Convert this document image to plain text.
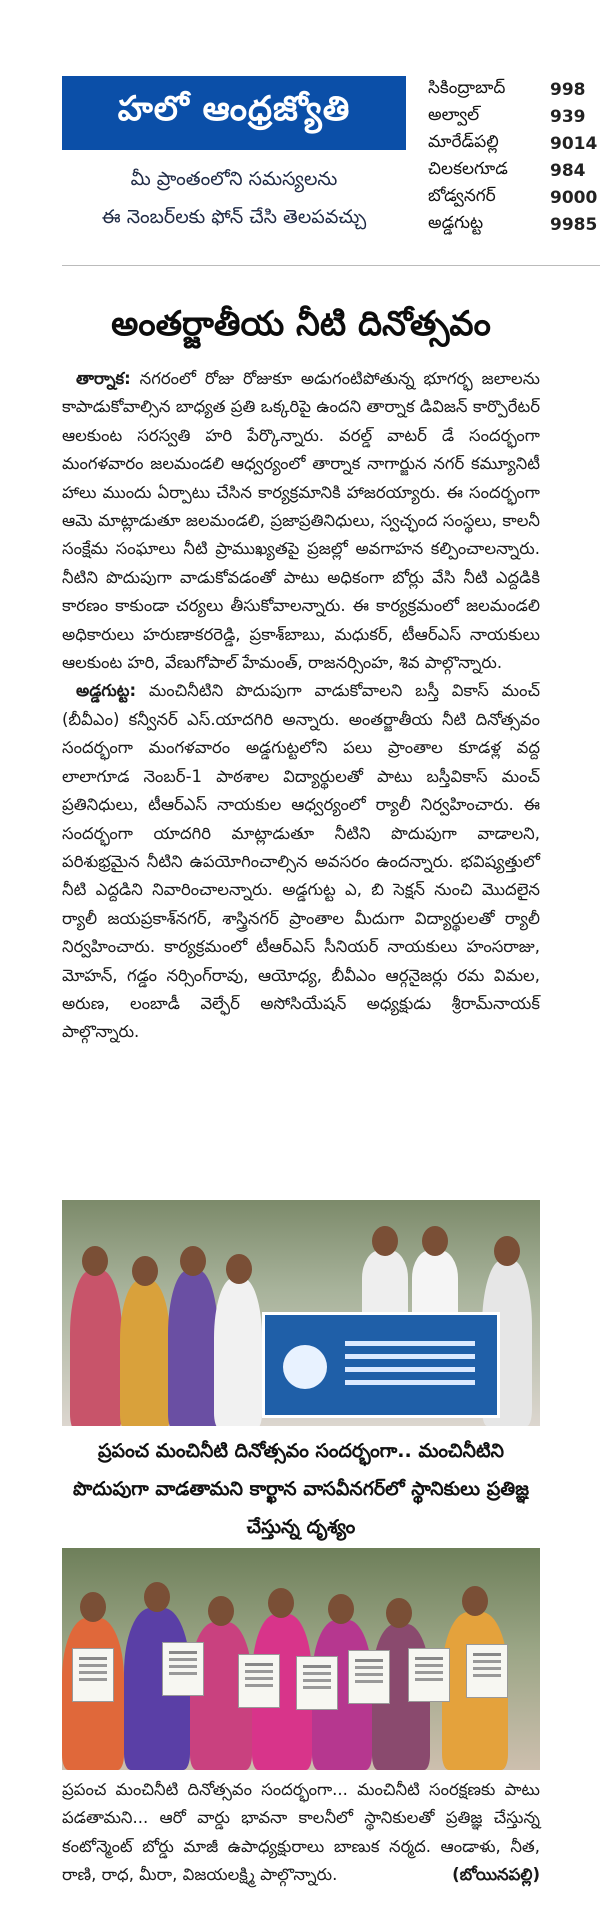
హలో ఆంధ్రజ్యోతి
మీ ప్రాంతంలోని సమస్యలను
ఈ నెంబర్‌లకు ఫోన్ చేసి తెలపవచ్చు
సికింద్రాబాద్	998
అల్వాల్	939
మారేడ్‌పల్లి	9014
చిలకలగూడ	984
బోడ్వనగర్	9000
అడ్డగుట్ట	9985
అంతర్జాతీయ నీటి దినోత్సవం

తార్నాక: నగరంలో రోజు రోజుకూ అడుగంటిపోతున్న భూగర్భ జలాలను కాపాడుకోవాల్సిన బాధ్యత ప్రతి ఒక్కరిపై ఉందని తార్నాక డివిజన్ కార్పొరేటర్ ఆలకుంట సరస్వతి హరి పేర్కొన్నారు. వరల్డ్ వాటర్ డే సందర్భంగా మంగళవారం జలమండలి ఆధ్వర్యంలో తార్నాక నాగార్జున నగర్ కమ్యూనిటీ హాలు ముందు ఏర్పాటు చేసిన కార్యక్రమానికి హాజరయ్యారు. ఈ సందర్భంగా ఆమె మాట్లాడుతూ జలమండలి, ప్రజాప్రతినిధులు, స్వచ్ఛంద సంస్థలు, కాలనీ సంక్షేమ సంఘాలు నీటి ప్రాముఖ్యతపై ప్రజల్లో అవగాహన కల్పించాలన్నారు. నీటిని పొదుపుగా వాడుకోవడంతో పాటు అధికంగా బోర్లు వేసి నీటి ఎద్దడికి కారణం కాకుండా చర్యలు తీసుకోవాలన్నారు. ఈ కార్యక్రమంలో జలమండలి అధికారులు హరుణాకరరెడ్డి, ప్రకాశ్‌బాబు, మధుకర్, టీఆర్ఎస్ నాయకులు ఆలకుంట హరి, వేణుగోపాల్ హేమంత్, రాజనర్సింహ, శివ పాల్గొన్నారు.

అడ్డగుట్ట: మంచినీటిని పొదుపుగా వాడుకోవాలని బస్తీ వికాస్ మంచ్ (బీవీఎం) కన్వీనర్ ఎస్.యాదగిరి అన్నారు. అంతర్జాతీయ నీటి దినోత్సవం సందర్భంగా మంగళవారం అడ్డగుట్టలోని పలు ప్రాంతాల కూడళ్ల వద్ద లాలాగూడ నెంబర్-1 పాఠశాల విద్యార్థులతో పాటు బస్తీవికాస్ మంచ్ ప్రతినిధులు, టీఆర్ఎస్ నాయకుల ఆధ్వర్యంలో ర్యాలీ నిర్వహించారు. ఈ సందర్భంగా యాదగిరి మాట్లాడుతూ నీటిని పొదుపుగా వాడాలని, పరిశుభ్రమైన నీటిని ఉపయోగించాల్సిన అవసరం ఉందన్నారు. భవిష్యత్తులో నీటి ఎద్దడిని నివారించాలన్నారు. అడ్డగుట్ట ఎ, బి సెక్షన్ నుంచి మొదలైన ర్యాలీ జయప్రకాశ్‌నగర్, శాస్త్రినగర్ ప్రాంతాల మీదుగా విద్యార్థులతో ర్యాలీ నిర్వహించారు. కార్యక్రమంలో టీఆర్ఎస్ సీనియర్ నాయకులు హంసరాజు, మోహన్, గడ్డం నర్సింగ్‌రావు, ఆయోధ్య, బీవీఎం ఆర్గనైజర్లు రమ విమల, అరుణ, లంబాడీ వెల్ఫేర్ అసోసియేషన్ అధ్యక్షుడు శ్రీరామ్‌నాయక్ పాల్గొన్నారు.

ప్రపంచ మంచినీటి దినోత్సవం సందర్భంగా.. మంచినీటిని పొదుపుగా వాడతామని కార్ఖాన వాసవీనగర్‌లో స్థానికులు ప్రతిజ్ఞ చేస్తున్న దృశ్యం
ప్రపంచ మంచినీటి దినోత్సవం సందర్భంగా... మంచినీటి సంరక్షణకు పాటు పడతామని... ఆరో వార్డు భావనా కాలనీలో స్థానికులతో ప్రతిజ్ఞ చేస్తున్న కంటోన్మెంట్ బోర్డు మాజీ ఉపాధ్యక్షురాలు బాణుక నర్మద. ఆండాళు, నీత, రాణి, రాధ, మీరా, విజయలక్ష్మి పాల్గొన్నారు.	(బోయినపల్లి)
